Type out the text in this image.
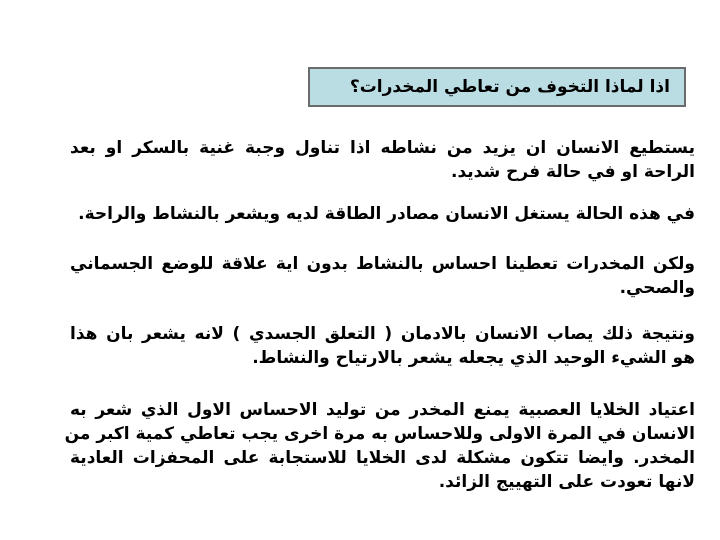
اذا لماذا التخوف من تعاطي المخدرات؟
يستطيع الانسان ان يزيد من نشاطه اذا تناول وجبة غنية بالسكر او بعد
الراحة او في حالة فرح شديد.
في هذه الحالة يستغل الانسان مصادر الطاقة لديه ويشعر بالنشاط والراحة.
ولكن المخدرات تعطينا احساس بالنشاط بدون اية علاقة للوضع الجسماني
والصحي.
ونتيجة ذلك يصاب الانسان بالادمان ( التعلق الجسدي ) لانه يشعر بان هذا
هو الشيء الوحيد الذي يجعله يشعر بالارتياح والنشاط.
اعتياد الخلايا العصبية يمنع المخدر من توليد الاحساس الاول الذي شعر به
الانسان في المرة الاولى وللاحساس به مرة اخرى يجب تعاطي كمية اكبر من
المخدر. وايضا تتكون مشكلة لدى الخلايا للاستجابة على المحفزات العادية
لانها تعودت على التهييج الزائد.
